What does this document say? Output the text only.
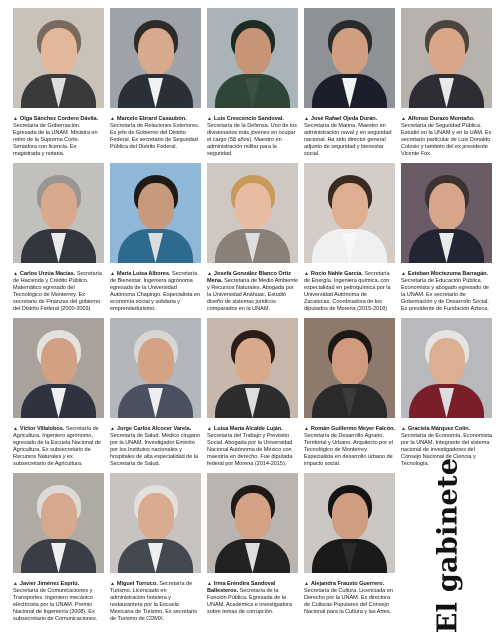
▲ Olga Sánchez Cordero Dávila. Secretaría de Gobernación. Egresada de la UNAM. Ministra en retiro de la Suprema Corte. Senadora con licencia. Ex magistrada y notaria.
▲ Marcelo Ebrard Casaubón. Secretaría de Relaciones Exteriores. Ex jefe de Gobierno del Distrito Federal. Ex secretario de Seguridad Pública del Distrito Federal.
▲ Luis Crescencio Sandoval. Secretaría de la Defensa. Uno de los divisionarios más jóvenes en ocupar el cargo (58 años). Maestro en administración militar para la seguridad.
▲ José Rafael Ojeda Durán. Secretaría de Marina. Maestro en administración naval y en seguridad nacional. Ha sido director general adjunto de seguridad y bienestar social.
▲ Alfonso Durazo Montaño. Secretaría de Seguridad Pública. Estudió en la UNAM y en la UAM. Ex secretario particular de Luis Donaldo Colosio y también del ex presidente Vicente Fox.
▲ Carlos Urzúa Macías. Secretaría de Hacienda y Crédito Público. Matemático egresado del Tecnológico de Monterrey. Ex secretario de Finanzas del gobierno del Distrito Federal (2000-2003)
▲ María Luisa Albores. Secretaría de Bienestar. Ingeniera agrónoma egresada de la Universidad Autónoma Chapingo. Especialista en economía social y solidaria y emprendedurismo.
▲ Josefa González Blanco Ortiz Mena. Secretaría de Medio Ambiente y Recursos Naturales. Abogada por la Universidad Anáhuac. Estudió diseño de sistemas jurídicos comparados en la UNAM.
▲ Rocío Nahle García. Secretaría de Energía. Ingeniera química, con especialidad en petroquímica por la Universidad Autónoma de Zacatecas. Coordinadora de los diputados de Morena (2015-2018)
▲ Esteban Moctezuma Barragán. Secretaría de Educación Pública. Economista y abogado egresado de la UNAM. Ex secretario de Gobernación y de Desarrollo Social. Ex presidente de Fundación Azteca.
▲ Víctor Villalobos. Secretaría de Agricultura. Ingeniero agrónomo, egresado de la Escuela Nacional de Agricultura. Ex subsecretario de Recursos Naturales y ex subsecretario de Agricultura.
▲ Jorge Carlos Alcocer Varela. Secretaría de Salud. Médico cirujano por la UNAM. Investigador Emérito por los Institutos nacionales y hospitales de alta especialidad de la Secretaría de Salud.
▲ Luisa María Alcalde Luján. Secretaría del Trabajo y Previsión Social. Abogada por la Universidad Nacional Autónoma de México con maestría en derecho. Fue diputada federal por Morena (2014-2015).
▲ Román Guillermo Meyer Falcón. Secretaría de Desarrollo Agrario, Territorial y Urbano. Arquitecto por el Tecnológico de Monterrey. Especialista en desarrollo urbano de impacto social.
▲ Graciela Márquez Colín. Secretaría de Economía. Economista por la UNAM. Integrante del sistema nacional de investigadores del Consejo Nacional de Ciencia y Tecnología.
▲ Javier Jiménez Espriú. Secretaría de Comunicaciones y Transportes. Ingeniero mecánico electricista por la UNAM. Premio Nacional de Ingeniería (2008). Ex subsecretario de Comunicaciones.
▲ Miguel Torruco. Secretaría de Turismo. Licenciado en administración hotelera y restaurantera por la Escuela Mexicana de Turismo. Ex secretario de Turismo de CDMX.
▲ Irma Eréndira Sandoval Ballesteros. Secretaría de la Función Pública. Egresada de la UNAM. Académica e investigadora sobre temas de corrupción.
▲ Alejandra Frausto Guerrero. Secretaría de Cultura. Licenciada en Derecho por la UNAM. Ex directora de Culturas Populares del Consejo Nacional para la Cultura y las Artes. El gabinete
